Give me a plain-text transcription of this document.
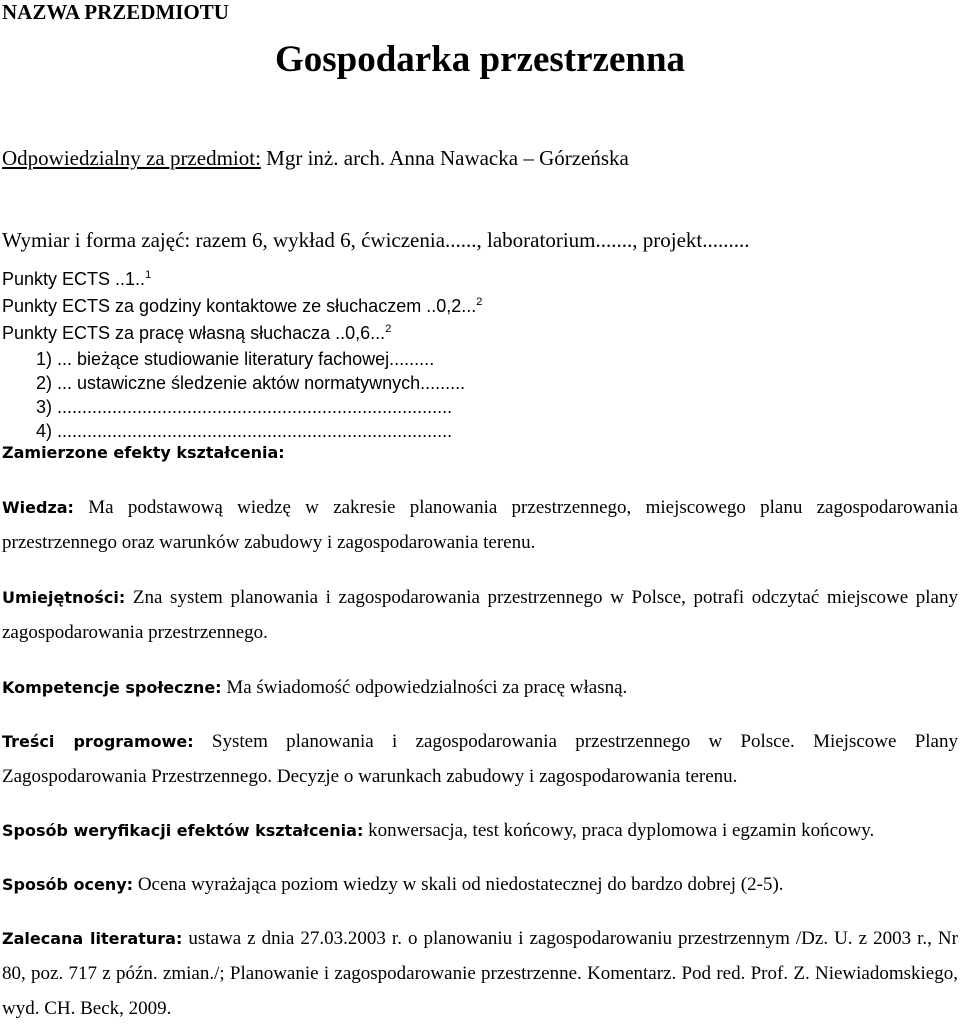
NAZWA PRZEDMIOTU
Gospodarka przestrzenna
Odpowiedzialny za przedmiot: Mgr inż. arch. Anna Nawacka – Górzeńska
Wymiar i forma zajęć: razem 6, wykład 6, ćwiczenia......, laboratorium......., projekt.........
Punkty ECTS ..1..$^1$
Punkty ECTS za godziny kontaktowe ze słuchaczem ..0,2...$^2$
Punkty ECTS za pracę własną słuchacza ..0,6...$^2$
1) ... bieżące studiowanie literatury fachowej.........
2) ... ustawiczne śledzenie aktów normatywnych.........
3) ...............................................................................
4) ...............................................................................
Zamierzone efekty kształcenia:
Wiedza: Ma podstawową wiedzę w zakresie planowania przestrzennego, miejscowego planu zagospodarowania przestrzennego oraz warunków zabudowy i zagospodarowania terenu.
Umiejętności: Zna system planowania i zagospodarowania przestrzennego w Polsce, potrafi odczytać miejscowe plany zagospodarowania przestrzennego.
Kompetencje społeczne: Ma świadomość odpowiedzialności za pracę własną.
Treści programowe: System planowania i zagospodarowania przestrzennego w Polsce. Miejscowe Plany Zagospodarowania Przestrzennego. Decyzje o warunkach zabudowy i zagospodarowania terenu.
Sposób weryfikacji efektów kształcenia: konwersacja, test końcowy, praca dyplomowa i egzamin końcowy.
Sposób oceny: Ocena wyrażająca poziom wiedzy w skali od niedostatecznej do bardzo dobrej (2-5).
Zalecana literatura: ustawa z dnia 27.03.2003 r. o planowaniu i zagospodarowaniu przestrzennym /Dz. U. z 2003 r., Nr 80, poz. 717 z późn. zmian./; Planowanie i zagospodarowanie przestrzenne. Komentarz. Pod red. Prof. Z. Niewiadomskiego, wyd. CH. Beck, 2009.
